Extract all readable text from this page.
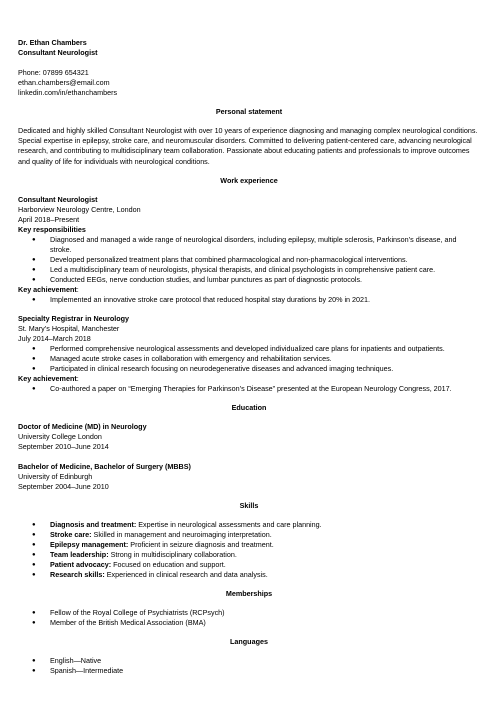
Dr. Ethan Chambers

Consultant Neurologist

Phone: 07899 654321

ethan.chambers@email.com

linkedin.com/in/ethanchambers

Personal statement

Dedicated and highly skilled Consultant Neurologist with over 10 years of experience diagnosing and managing complex neurological conditions. Special expertise in epilepsy, stroke care, and neuromuscular disorders. Committed to delivering patient-centered care, advancing neurological research, and contributing to multidisciplinary team collaboration. Passionate about educating patients and professionals to improve outcomes and quality of life for individuals with neurological conditions.

Work experience

Consultant Neurologist

Harborview Neurology Centre, London

April 2018–Present

Key responsibilities

● Diagnosed and managed a wide range of neurological disorders, including epilepsy, multiple sclerosis, Parkinson’s disease, and stroke.
● Developed personalized treatment plans that combined pharmacological and non-pharmacological interventions.
● Led a multidisciplinary team of neurologists, physical therapists, and clinical psychologists in comprehensive patient care.
● Conducted EEGs, nerve conduction studies, and lumbar punctures as part of diagnostic protocols.

Key achievement:

● Implemented an innovative stroke care protocol that reduced hospital stay durations by 20% in 2021.

Specialty Registrar in Neurology

St. Mary’s Hospital, Manchester

July 2014–March 2018

● Performed comprehensive neurological assessments and developed individualized care plans for inpatients and outpatients.
● Managed acute stroke cases in collaboration with emergency and rehabilitation services.
● Participated in clinical research focusing on neurodegenerative diseases and advanced imaging techniques.

Key achievement:

● Co-authored a paper on “Emerging Therapies for Parkinson’s Disease” presented at the European Neurology Congress, 2017.

Education

Doctor of Medicine (MD) in Neurology

University College London

September 2010–June 2014

Bachelor of Medicine, Bachelor of Surgery (MBBS)

University of Edinburgh

September 2004–June 2010

Skills

● Diagnosis and treatment: Expertise in neurological assessments and care planning.
● Stroke care: Skilled in management and neuroimaging interpretation.
● Epilepsy management: Proficient in seizure diagnosis and treatment.
● Team leadership: Strong in multidisciplinary collaboration.
● Patient advocacy: Focused on education and support.
● Research skills: Experienced in clinical research and data analysis.

Memberships

● Fellow of the Royal College of Psychiatrists (RCPsych)
● Member of the British Medical Association (BMA)

Languages

● English—Native
● Spanish—Intermediate
